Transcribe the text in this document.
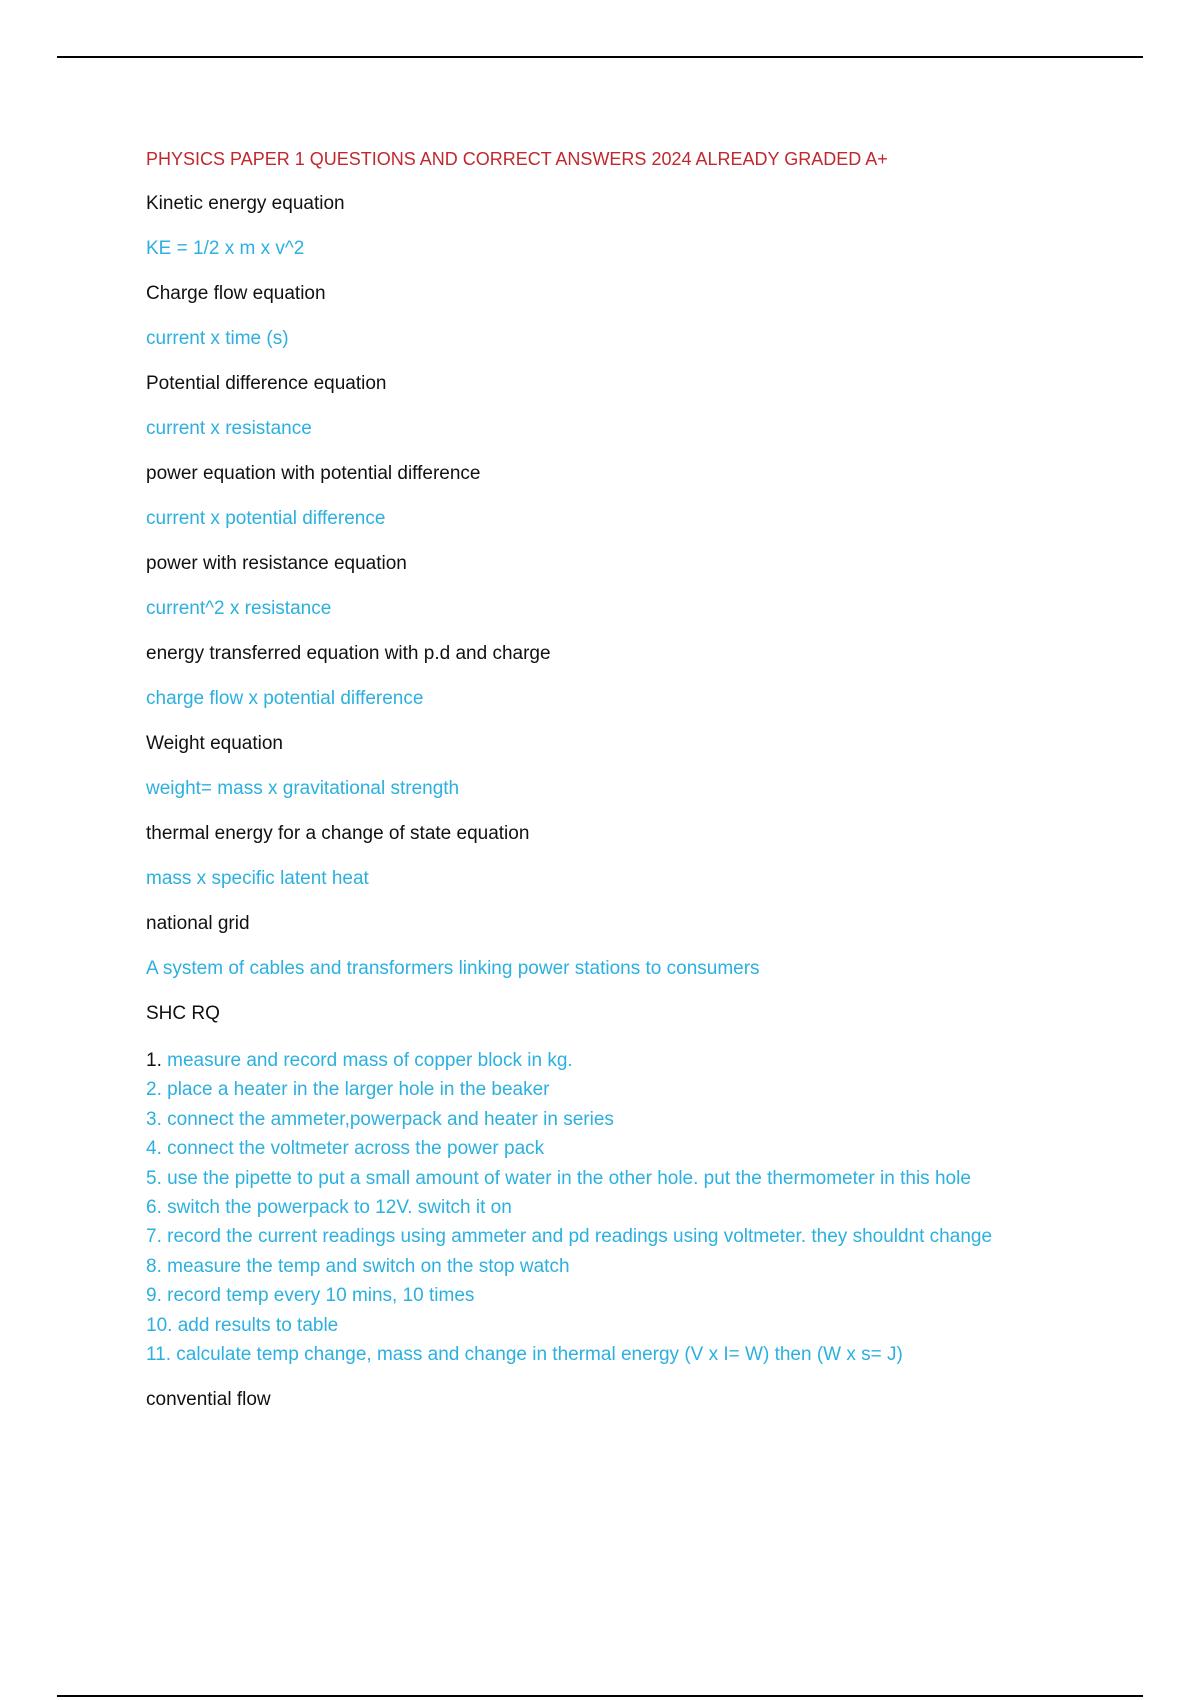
PHYSICS PAPER 1 QUESTIONS AND CORRECT ANSWERS 2024 ALREADY GRADED A+

Kinetic energy equation

KE = 1/2 x m x v^2

Charge flow equation

current x time (s)

Potential difference equation

current x resistance

power equation with potential difference

current x potential difference

power with resistance equation

current^2 x resistance

energy transferred equation with p.d and charge

charge flow x potential difference

Weight equation

weight= mass x gravitational strength

thermal energy for a change of state equation

mass x specific latent heat

national grid

A system of cables and transformers linking power stations to consumers

SHC RQ

1. measure and record mass of copper block in kg.
2. place a heater in the larger hole in the beaker
3. connect the ammeter,powerpack and heater in series
4. connect the voltmeter across the power pack
5. use the pipette to put a small amount of water in the other hole. put the thermometer in this hole
6. switch the powerpack to 12V. switch it on
7. record the current readings using ammeter and pd readings using voltmeter. they shouldnt change
8. measure the temp and switch on the stop watch
9. record temp every 10 mins, 10 times
10. add results to table
11. calculate temp change, mass and change in thermal energy (V x I= W) then (W x s= J)

convential flow
